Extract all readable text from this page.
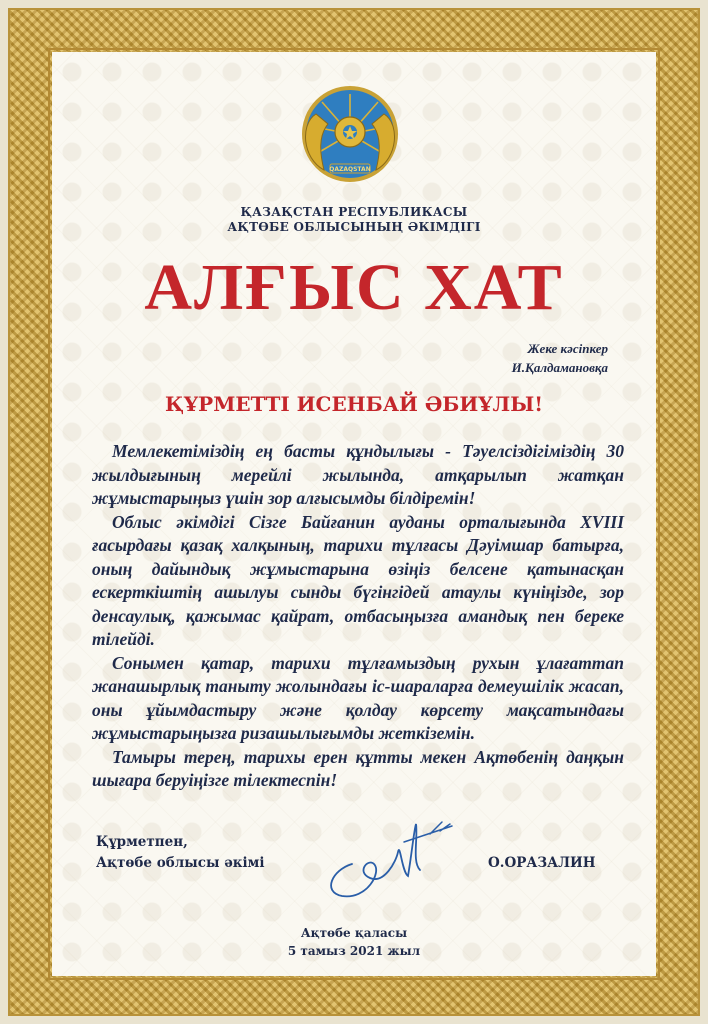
QAZAQSTAN
ҚАЗАҚСТАН РЕСПУБЛИКАСЫ
АҚТӨБЕ ОБЛЫСЫНЫҢ ӘКІМДІГІ
АЛҒЫС ХАТ
Жеке кәсіпкер
И.Қалдамановқа
ҚҰРМЕТТІ ИСЕНБАЙ ӘБИҰЛЫ!

Мемлекетіміздің ең басты құндылығы - Тәуелсіздігіміздің 30 жылдығының мерейлі жылында, атқарылып жатқан жұмыстарыңыз үшін зор алғысымды білдіремін!

Облыс әкімдігі Сізге Байғанин ауданы орталығында XVIII ғасырдағы қазақ халқының, тарихи тұлғасы Дәуімшар батырға, оның дайындық жұмыстарына өзіңіз белсене қатынасқан ескерткіштің ашылуы сынды бүгінгідей атаулы күніңізде, зор денсаулық, қажымас қайрат, отбасыңызға амандық пен береке тілейді.

Сонымен қатар, тарихи тұлғамыздың рухын ұлағаттап жанашырлық таныту жолындағы іс-шараларға демеушілік жасап, оны ұйымдастыру және қолдау көрсету мақсатындағы жұмыстарыңызға ризашылығымды жеткіземін.

Тамыры терең, тарихы ерен құтты мекен Ақтөбенің даңқын шығара беруіңізге тілектеспін!

Құрметпен,
Ақтөбе облысы әкімі	О.ОРАЗАЛИН
Ақтөбе қаласы
5 тамыз 2021 жыл
